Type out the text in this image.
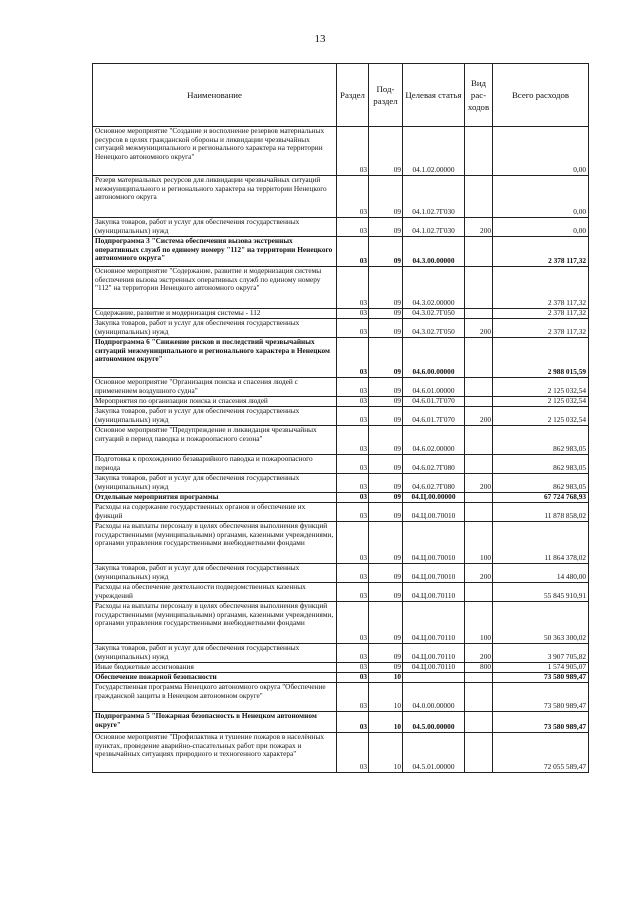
13
Наименование	Раздел	Под-раздел	Целевая статья	Вид рас-ходов	Всего расходов
Основное мероприятие "Создание и восполнение резервов материальных ресурсов в целях гражданской обороны и ликвидации чрезвычайных ситуаций межмуниципального и регионального характера на территории Ненецкого автономного округа"	03	09	04.1.02.00000		0,00
Резерв материальных ресурсов для ликвидации чрезвычайных ситуаций межмуниципального и регионального характера на территории Ненецкого автономного округа	03	09	04.1.02.7Г030		0,00
Закупка товаров, работ и услуг для обеспечения государственных (муниципальных) нужд	03	09	04.1.02.7Г030	200	0,00
Подпрограмма 3 "Система обеспечения вызова экстренных оперативных служб по единому номеру "112" на территории Ненецкого автономного округа"	03	09	04.3.00.00000		2 378 117,32
Основное мероприятие "Содержание, развитие и модернизация системы обеспечения вызова экстренных оперативных служб по единому номеру "112" на территории Ненецкого автономного округа"	03	09	04.3.02.00000		2 378 117,32
Содержание, развитие и модернизация системы - 112	03	09	04.3.02.7Г050		2 378 117,32
Закупка товаров, работ и услуг для обеспечения государственных (муниципальных) нужд	03	09	04.3.02.7Г050	200	2 378 117,32
Подпрограмма 6 "Снижение рисков и последствий чрезвычайных ситуаций межмуниципального и регионального характера в Ненецком автономном округе"	03	09	04.6.00.00000		2 988 015,59
Основное мероприятие "Организация поиска и спасения людей с применением воздушного судна"	03	09	04.6.01.00000		2 125 032,54
Мероприятия по организации поиска и спасения людей	03	09	04.6.01.7Г070		2 125 032,54
Закупка товаров, работ и услуг для обеспечения государственных (муниципальных) нужд	03	09	04.6.01.7Г070	200	2 125 032,54
Основное мероприятие "Предупреждение и ликвидация чрезвычайных ситуаций в период паводка и пожароопасного сезона"	03	09	04.6.02.00000		862 983,05
Подготовка к прохождению безаварийного паводка и пожароопасного периода	03	09	04.6.02.7Г080		862 983,05
Закупка товаров, работ и услуг для обеспечения государственных (муниципальных) нужд	03	09	04.6.02.7Г080	200	862 983,05
Отдельные мероприятия программы	03	09	04.Ц.00.00000		67 724 768,93
Расходы на содержание государственных органов и обеспечение их функций	03	09	04.Ц.00.70010		11 878 858,02
Расходы на выплаты персоналу в целях обеспечения выполнения функций государственными (муниципальными) органами, казенными учреждениями, органами управления государственными внебюджетными фондами	03	09	04.Ц.00.70010	100	11 864 378,02
Закупка товаров, работ и услуг для обеспечения государственных (муниципальных) нужд	03	09	04.Ц.00.70010	200	14 480,00
Расходы на обеспечение деятельности подведомственных казенных учреждений	03	09	04.Ц.00.70110		55 845 910,91
Расходы на выплаты персоналу в целях обеспечения выполнения функций государственными (муниципальными) органами, казенными учреждениями, органами управления государственными внебюджетными фондами	03	09	04.Ц.00.70110	100	50 363 300,02
Закупка товаров, работ и услуг для обеспечения государственных (муниципальных) нужд	03	09	04.Ц.00.70110	200	3 907 705,82
Иные бюджетные ассигнования	03	09	04.Ц.00.70110	800	1 574 905,07
Обеспечение пожарной безопасности	03	10			73 580 989,47
Государственная программа Ненецкого автономного округа "Обеспечение гражданской защиты в Ненецком автономном округе"	03	10	04.0.00.00000		73 580 989,47
Подпрограмма 5 "Пожарная безопасность в Ненецком автономном округе"	03	10	04.5.00.00000		73 580 989,47
Основное мероприятие "Профилактика и тушение пожаров в населённых пунктах, проведение аварийно-спасательных работ при пожарах и чрезвычайных ситуациях природного и техногенного характера"	03	10	04.5.01.00000		72 055 589,47
